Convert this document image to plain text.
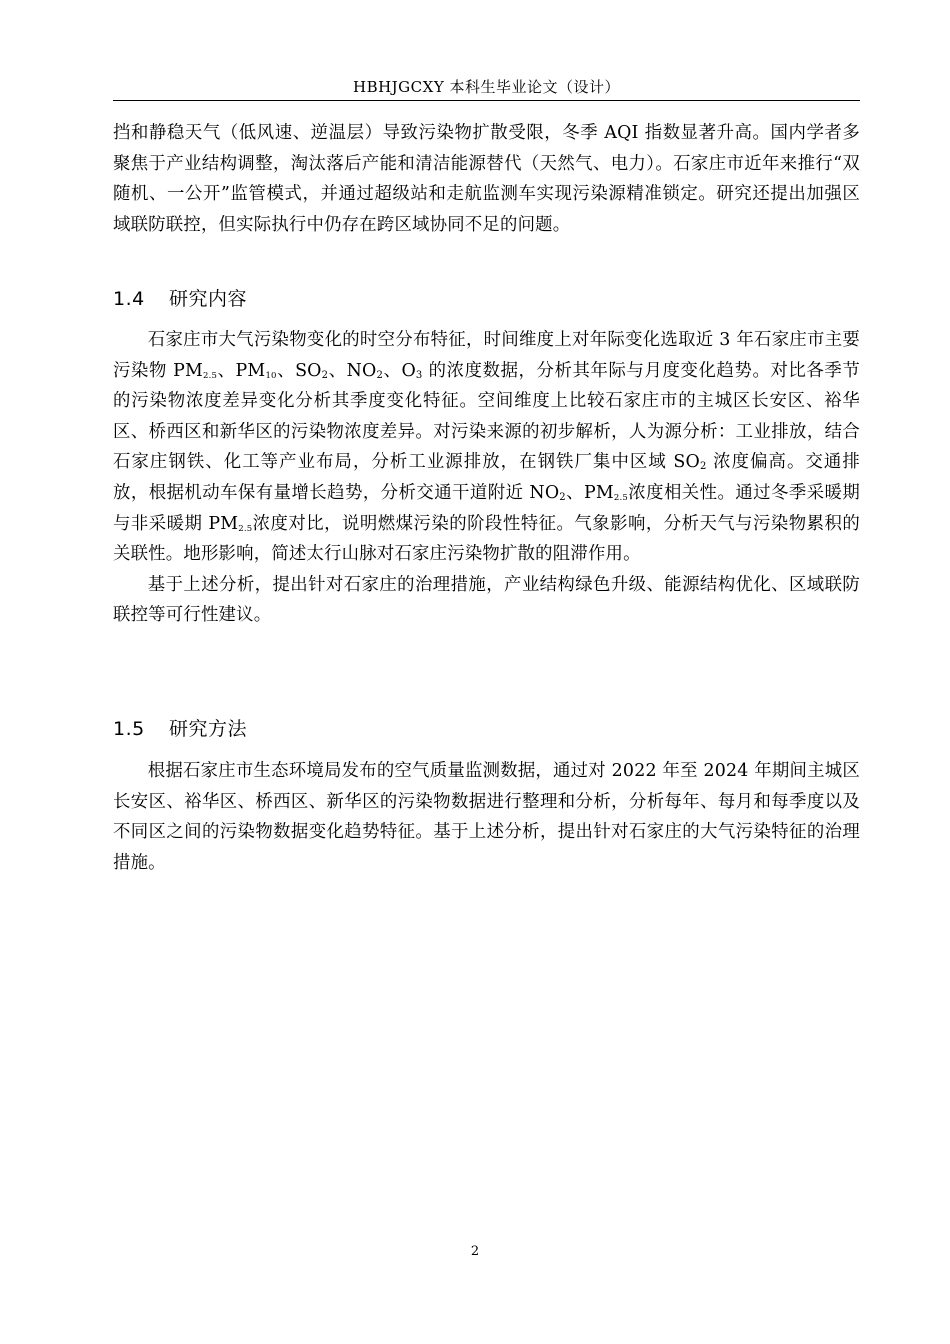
HBHJGCXY 本科生毕业论文（设计）

挡和静稳天气（低风速、逆温层）导致污染物扩散受限，冬季 AQI 指数显著升高。国内学者多聚焦于产业结构调整，淘汰落后产能和清洁能源替代（天然气、电力）。石家庄市近年来推行“双随机、一公开”监管模式，并通过超级站和走航监测车实现污染源精准锁定。研究还提出加强区域联防联控，但实际执行中仍存在跨区域协同不足的问题。

1.4 研究内容

石家庄市大气污染物变化的时空分布特征，时间维度上对年际变化选取近 3 年石家庄市主要污染物 $PM_{2.5}$、$PM_{10}$、$SO_2$、$NO_2$、$O_3$ 的浓度数据，分析其年际与月度变化趋势。对比各季节的污染物浓度差异变化分析其季度变化特征。空间维度上比较石家庄市的主城区长安区、裕华区、桥西区和新华区的污染物浓度差异。对污染来源的初步解析，人为源分析：工业排放，结合石家庄钢铁、化工等产业布局，分析工业源排放，在钢铁厂集中区域 $SO_2$ 浓度偏高。交通排放，根据机动车保有量增长趋势，分析交通干道附近 $NO_2$、$PM_{2.5}$浓度相关性。通过冬季采暖期与非采暖期 $PM_{2.5}$浓度对比，说明燃煤污染的阶段性特征。气象影响，分析天气与污染物累积的关联性。地形影响，简述太行山脉对石家庄污染物扩散的阻滞作用。

基于上述分析，提出针对石家庄的治理措施，产业结构绿色升级、能源结构优化、区域联防联控等可行性建议。

1.5 研究方法

根据石家庄市生态环境局发布的空气质量监测数据，通过对 2022 年至 2024 年期间主城区长安区、裕华区、桥西区、新华区的污染物数据进行整理和分析，分析每年、每月和每季度以及不同区之间的污染物数据变化趋势特征。基于上述分析，提出针对石家庄的大气污染特征的治理措施。

2
